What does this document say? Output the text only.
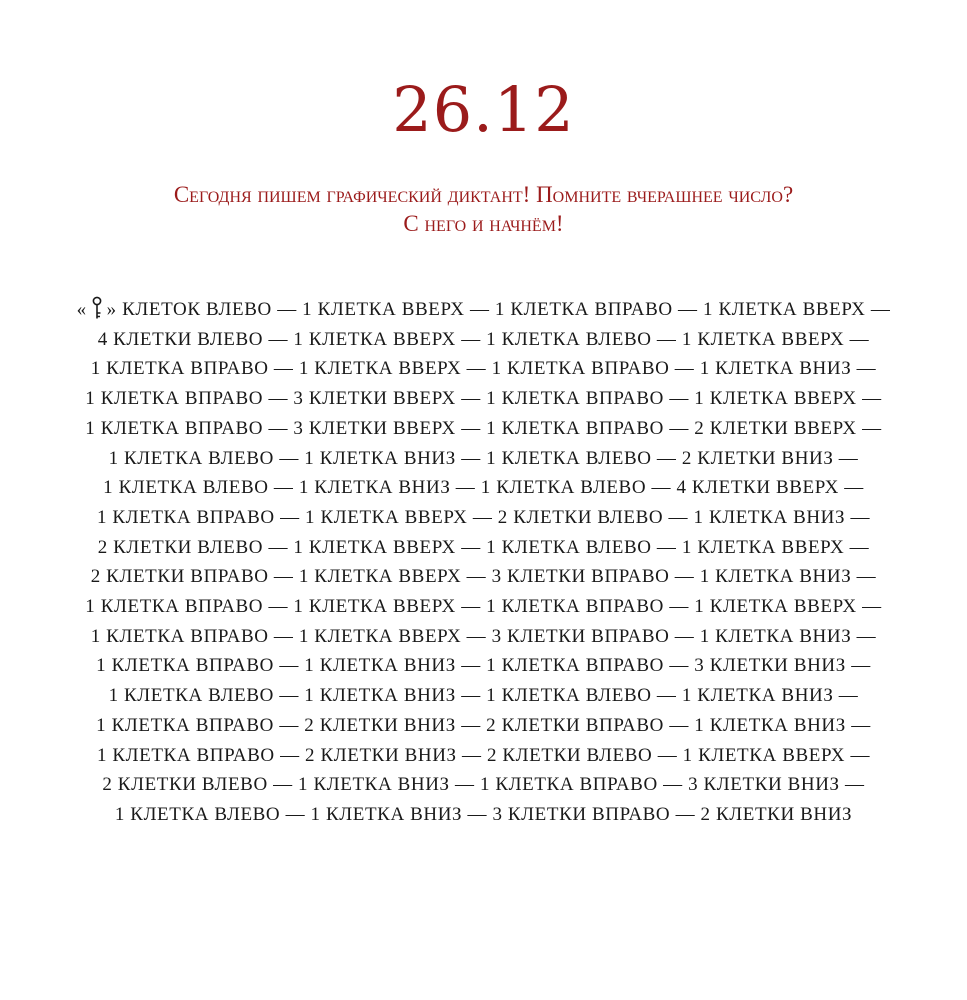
26.12
Сегодня пишем графический диктант! Помните вчерашнее число?
С него и начнём!
« » КЛЕТОК ВЛЕВО — 1 КЛЕТКА ВВЕРХ — 1 КЛЕТКА ВПРАВО — 1 КЛЕТКА ВВЕРХ —
4 КЛЕТКИ ВЛЕВО — 1 КЛЕТКА ВВЕРХ — 1 КЛЕТКА ВЛЕВО — 1 КЛЕТКА ВВЕРХ —
1 КЛЕТКА ВПРАВО — 1 КЛЕТКА ВВЕРХ — 1 КЛЕТКА ВПРАВО — 1 КЛЕТКА ВНИЗ —
1 КЛЕТКА ВПРАВО — 3 КЛЕТКИ ВВЕРХ — 1 КЛЕТКА ВПРАВО — 1 КЛЕТКА ВВЕРХ —
1 КЛЕТКА ВПРАВО — 3 КЛЕТКИ ВВЕРХ — 1 КЛЕТКА ВПРАВО — 2 КЛЕТКИ ВВЕРХ —
1 КЛЕТКА ВЛЕВО — 1 КЛЕТКА ВНИЗ — 1 КЛЕТКА ВЛЕВО — 2 КЛЕТКИ ВНИЗ —
1 КЛЕТКА ВЛЕВО — 1 КЛЕТКА ВНИЗ — 1 КЛЕТКА ВЛЕВО — 4 КЛЕТКИ ВВЕРХ —
1 КЛЕТКА ВПРАВО — 1 КЛЕТКА ВВЕРХ — 2 КЛЕТКИ ВЛЕВО — 1 КЛЕТКА ВНИЗ —
2 КЛЕТКИ ВЛЕВО — 1 КЛЕТКА ВВЕРХ — 1 КЛЕТКА ВЛЕВО — 1 КЛЕТКА ВВЕРХ —
2 КЛЕТКИ ВПРАВО — 1 КЛЕТКА ВВЕРХ — 3 КЛЕТКИ ВПРАВО — 1 КЛЕТКА ВНИЗ —
1 КЛЕТКА ВПРАВО — 1 КЛЕТКА ВВЕРХ — 1 КЛЕТКА ВПРАВО — 1 КЛЕТКА ВВЕРХ —
1 КЛЕТКА ВПРАВО — 1 КЛЕТКА ВВЕРХ — 3 КЛЕТКИ ВПРАВО — 1 КЛЕТКА ВНИЗ —
1 КЛЕТКА ВПРАВО — 1 КЛЕТКА ВНИЗ — 1 КЛЕТКА ВПРАВО — 3 КЛЕТКИ ВНИЗ —
1 КЛЕТКА ВЛЕВО — 1 КЛЕТКА ВНИЗ — 1 КЛЕТКА ВЛЕВО — 1 КЛЕТКА ВНИЗ —
1 КЛЕТКА ВПРАВО — 2 КЛЕТКИ ВНИЗ — 2 КЛЕТКИ ВПРАВО — 1 КЛЕТКА ВНИЗ —
1 КЛЕТКА ВПРАВО — 2 КЛЕТКИ ВНИЗ — 2 КЛЕТКИ ВЛЕВО — 1 КЛЕТКА ВВЕРХ —
2 КЛЕТКИ ВЛЕВО — 1 КЛЕТКА ВНИЗ — 1 КЛЕТКА ВПРАВО — 3 КЛЕТКИ ВНИЗ —
1 КЛЕТКА ВЛЕВО — 1 КЛЕТКА ВНИЗ — 3 КЛЕТКИ ВПРАВО — 2 КЛЕТКИ ВНИЗ
